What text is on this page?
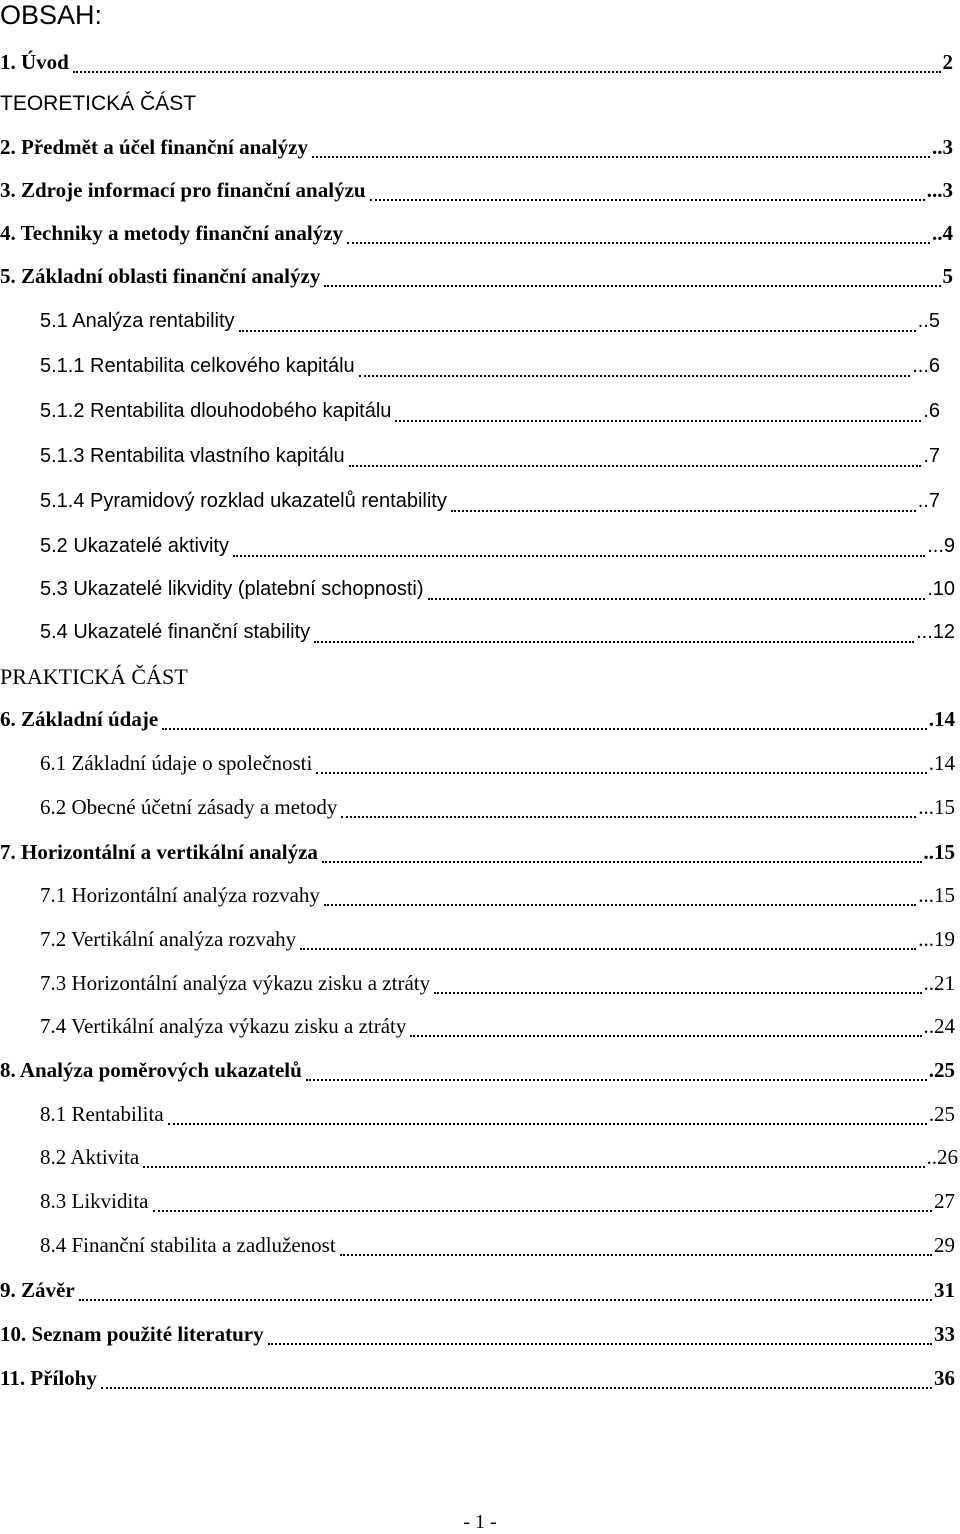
OBSAH:
1. Úvod	2
TEORETICKÁ ČÁST
2. Předmět a účel finanční analýzy	..3
3. Zdroje informací pro finanční analýzu	...3
4. Techniky a metody finanční analýzy	..4
5. Základní oblasti finanční analýzy	5
5.1 Analýza rentability	..5
5.1.1 Rentabilita celkového kapitálu	...6
5.1.2 Rentabilita dlouhodobého kapitálu	.6
5.1.3 Rentabilita vlastního kapitálu	.7
5.1.4 Pyramidový rozklad ukazatelů rentability	..7
5.2 Ukazatelé aktivity	...9
5.3 Ukazatelé likvidity (platební schopnosti)	.10
5.4 Ukazatelé finanční stability	...12
PRAKTICKÁ ČÁST
6. Základní údaje	.14
6.1 Základní údaje o společnosti	.14
6.2 Obecné účetní zásady a metody	...15
7. Horizontální a vertikální analýza	..15
7.1 Horizontální analýza rozvahy	...15
7.2 Vertikální analýza rozvahy	...19
7.3 Horizontální analýza výkazu zisku a ztráty	..21
7.4 Vertikální analýza výkazu zisku a ztráty	..24
8. Analýza poměrových ukazatelů	.25
8.1 Rentabilita	.25
8.2 Aktivita	..26
8.3 Likvidita	27
8.4 Finanční stabilita a zadluženost	29
9. Závěr	31
10. Seznam použité literatury	33
11. Přílohy	36
- 1 -
